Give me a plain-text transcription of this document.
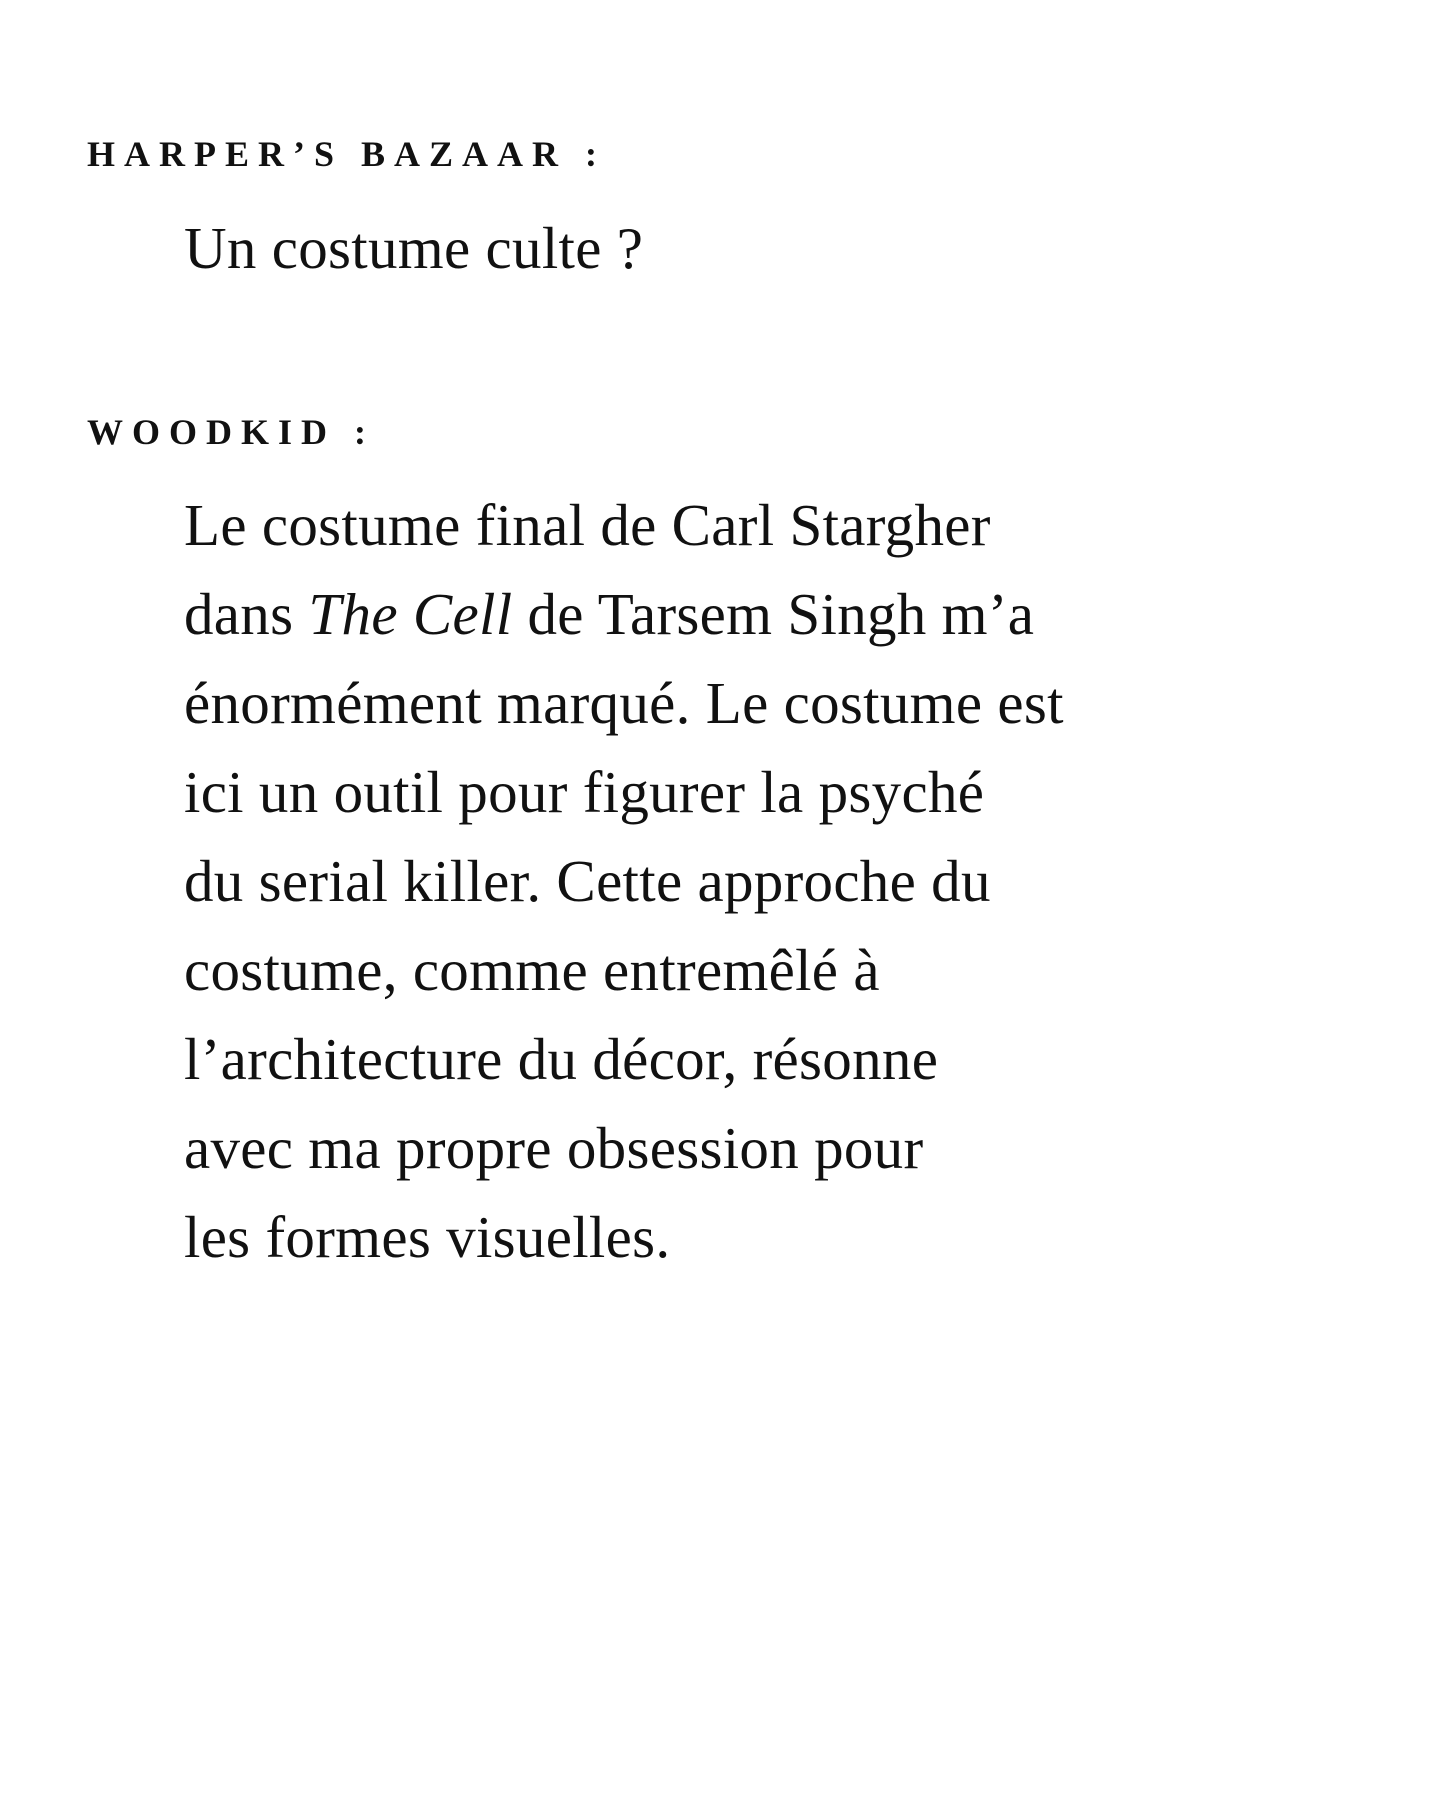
HARPER’S BAZAAR :

Un costume culte ?

WOODKID :

Le costume final de Carl Stargher
dans The Cell de Tarsem Singh m’a
énormément marqué. Le costume est
ici un outil pour figurer la psyché
du serial killer. Cette approche du
costume, comme entremêlé à
l’architecture du décor, résonne
avec ma propre obsession pour
les formes visuelles.
